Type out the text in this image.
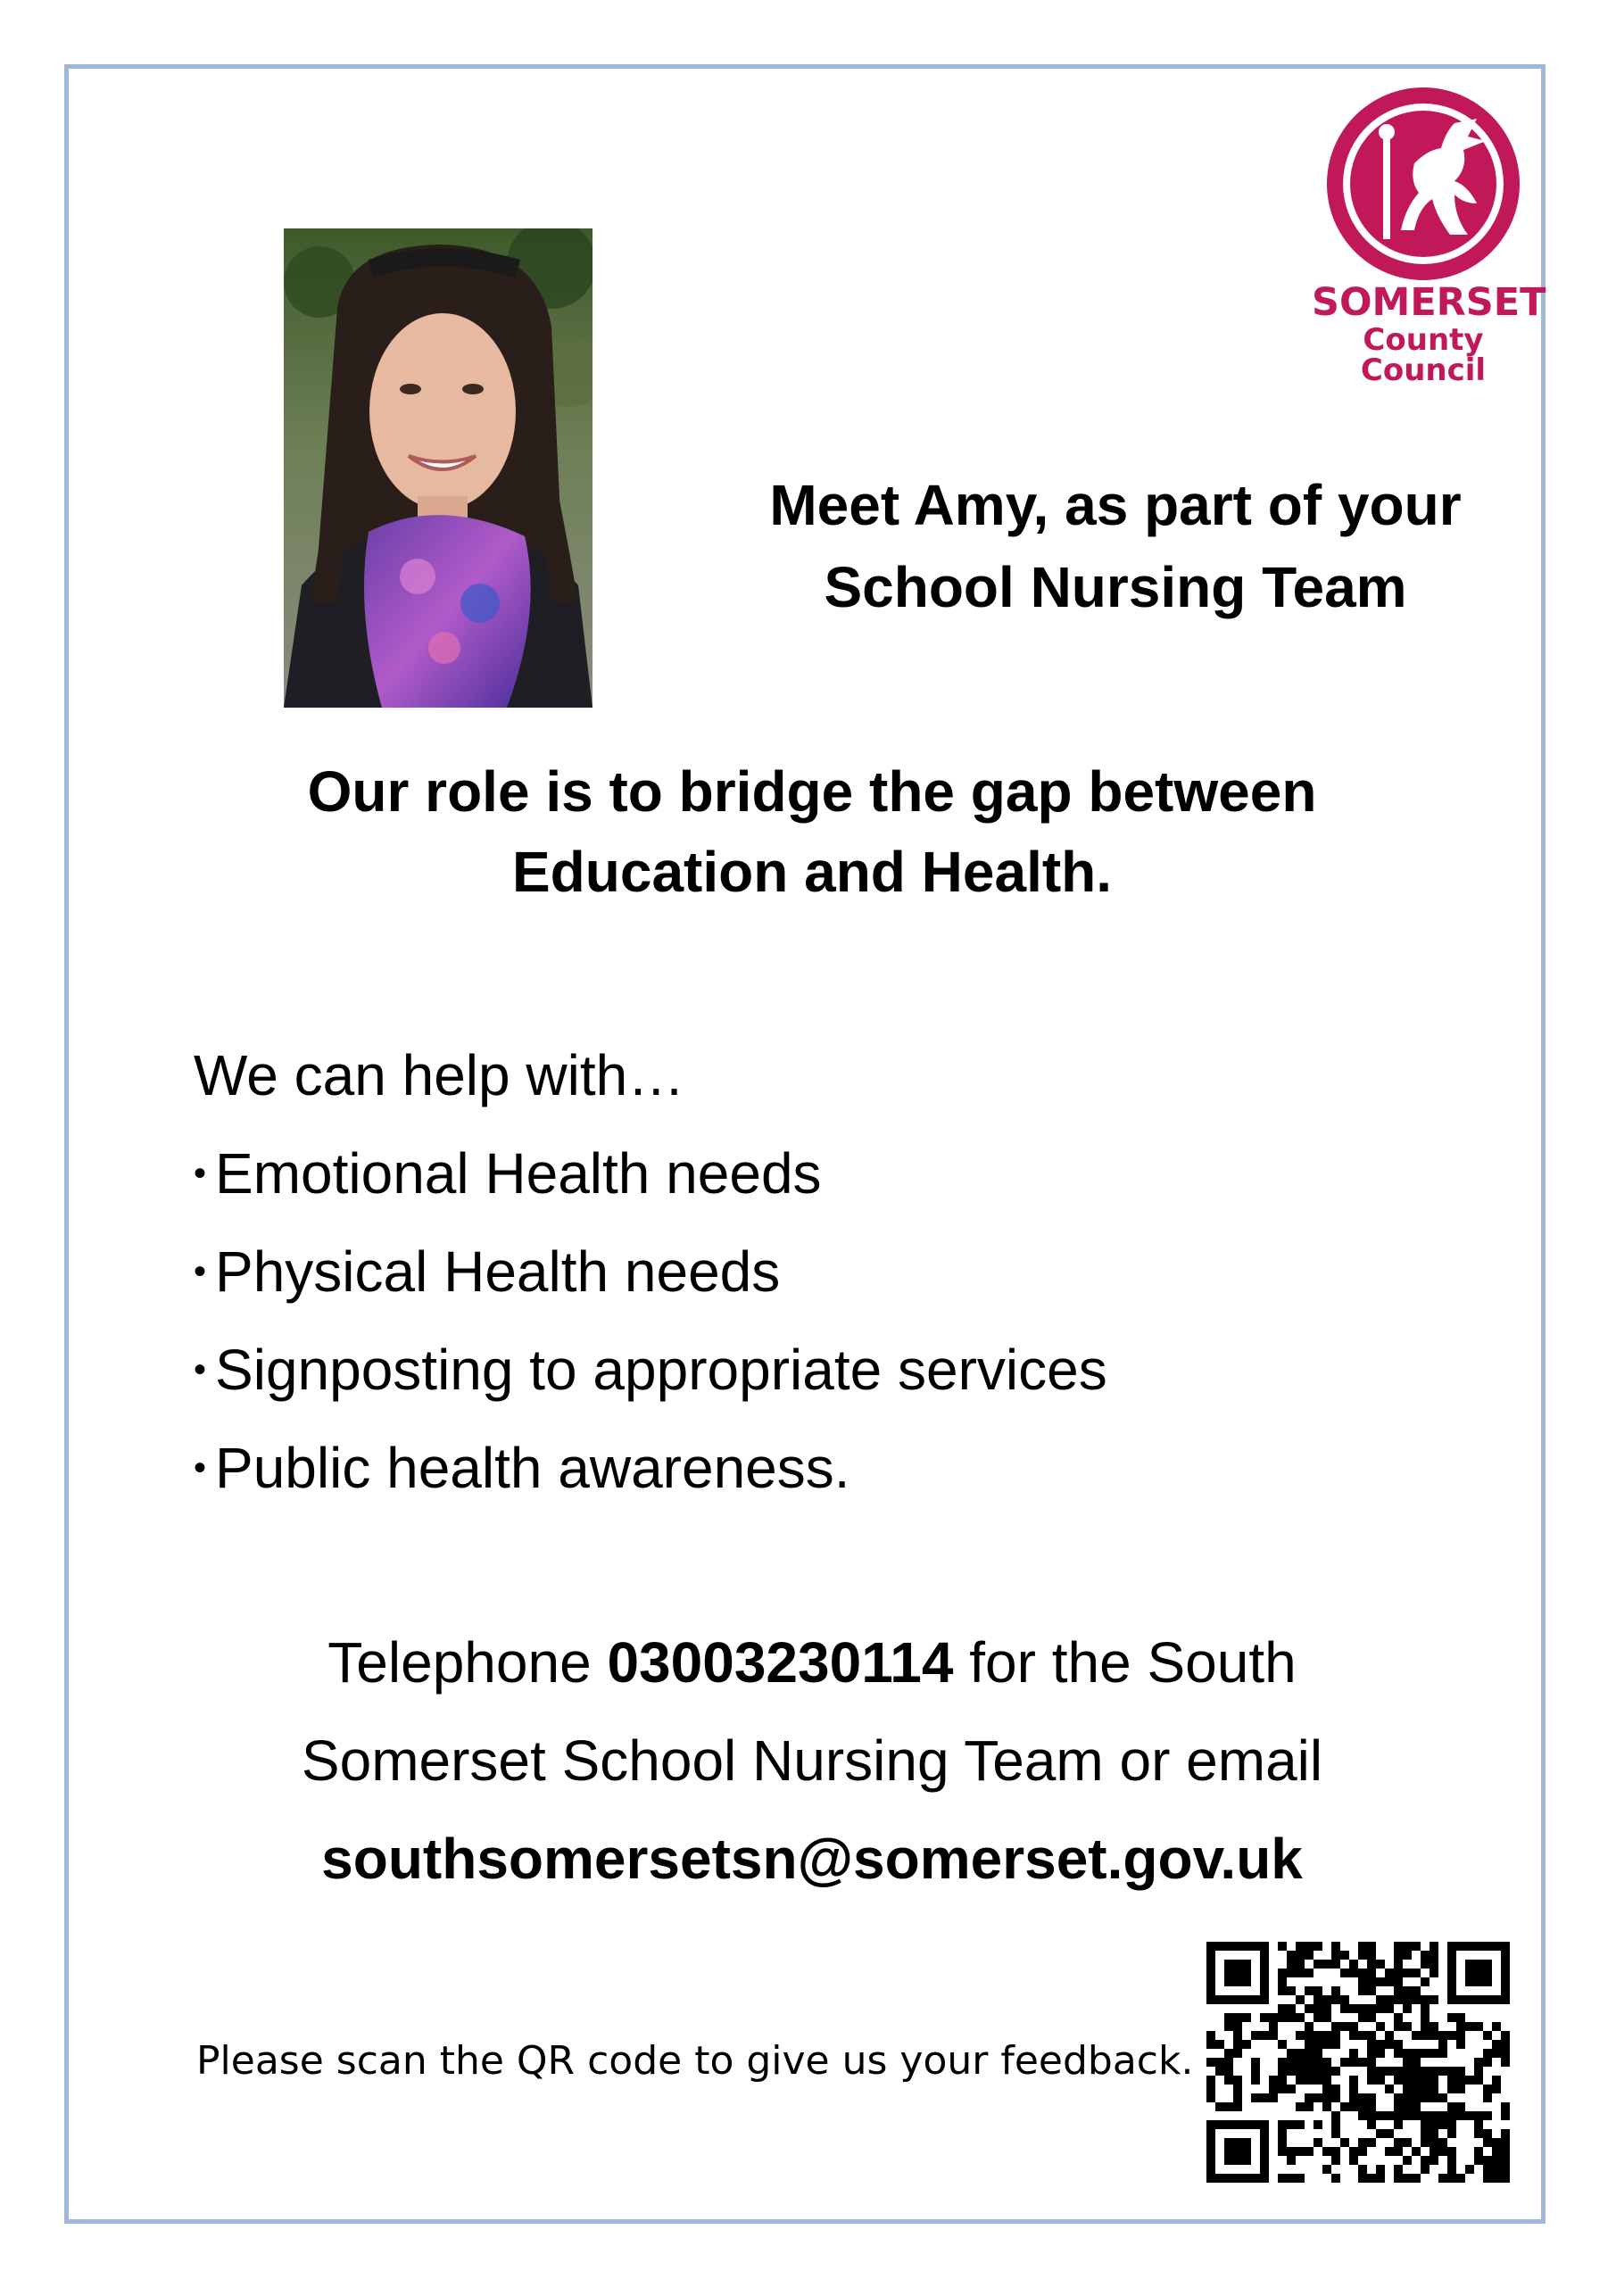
SOMERSET
County Council
Meet Amy, as part of your
School Nursing Team
Our role is to bridge the gap between
Education and Health.
We can help with…
• Emotional Health needs
• Physical Health needs
• Signposting to appropriate services
• Public health awareness.
Telephone 03003230114 for the South
Somerset School Nursing Team or email
southsomersetsn@somerset.gov.uk
Please scan the QR code to give us your feedback.
